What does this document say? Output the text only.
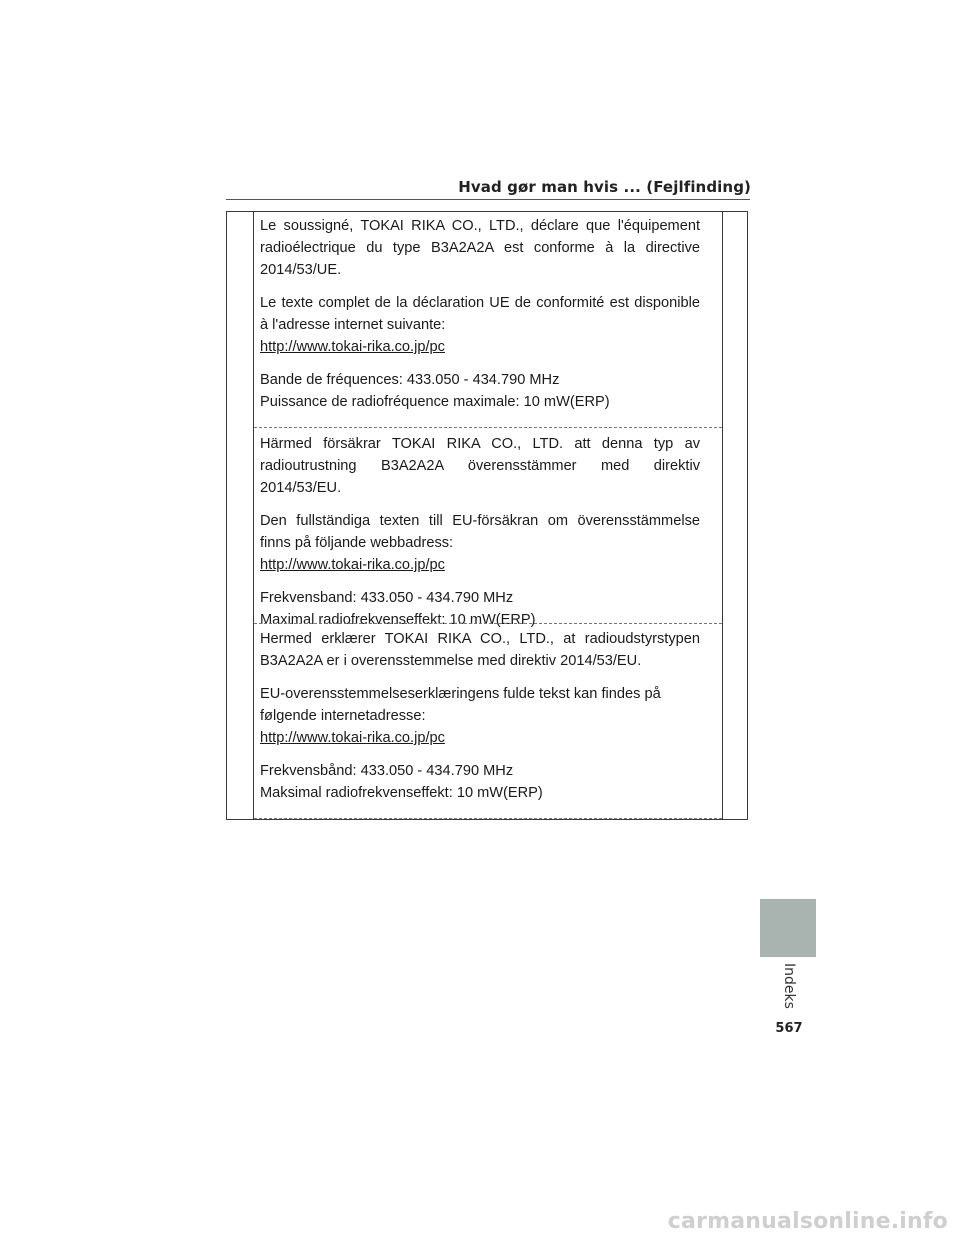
Hvad gør man hvis ... (Fejlfinding)

Le soussigné, TOKAI RIKA CO., LTD., déclare que l'équipement radioélectrique du type B3A2A2A est conforme à la directive 2014/53/UE.

Le texte complet de la déclaration UE de conformité est disponible à l'adresse internet suivante:

http://www.tokai-rika.co.jp/pc

Bande de fréquences: 433.050 - 434.790 MHz

Puissance de radiofréquence maximale: 10 mW(ERP)

Härmed försäkrar TOKAI RIKA CO., LTD. att denna typ av radioutrustning B3A2A2A överensstämmer med direktiv 2014/53/EU.

Den fullständiga texten till EU-försäkran om överensstämmelse finns på följande webbadress:

http://www.tokai-rika.co.jp/pc

Frekvensband: 433.050 - 434.790 MHz

Maximal radiofrekvenseffekt: 10 mW(ERP)

Hermed erklærer TOKAI RIKA CO., LTD., at radioudstyrstypen B3A2A2A er i overensstemmelse med direktiv 2014/53/EU.

EU-overensstemmelseserklæringens fulde tekst kan findes på

følgende internetadresse:

http://www.tokai-rika.co.jp/pc

Frekvensbånd: 433.050 - 434.790 MHz

Maksimal radiofrekvenseffekt: 10 mW(ERP)

Indeks
567
carmanualsonline.info
